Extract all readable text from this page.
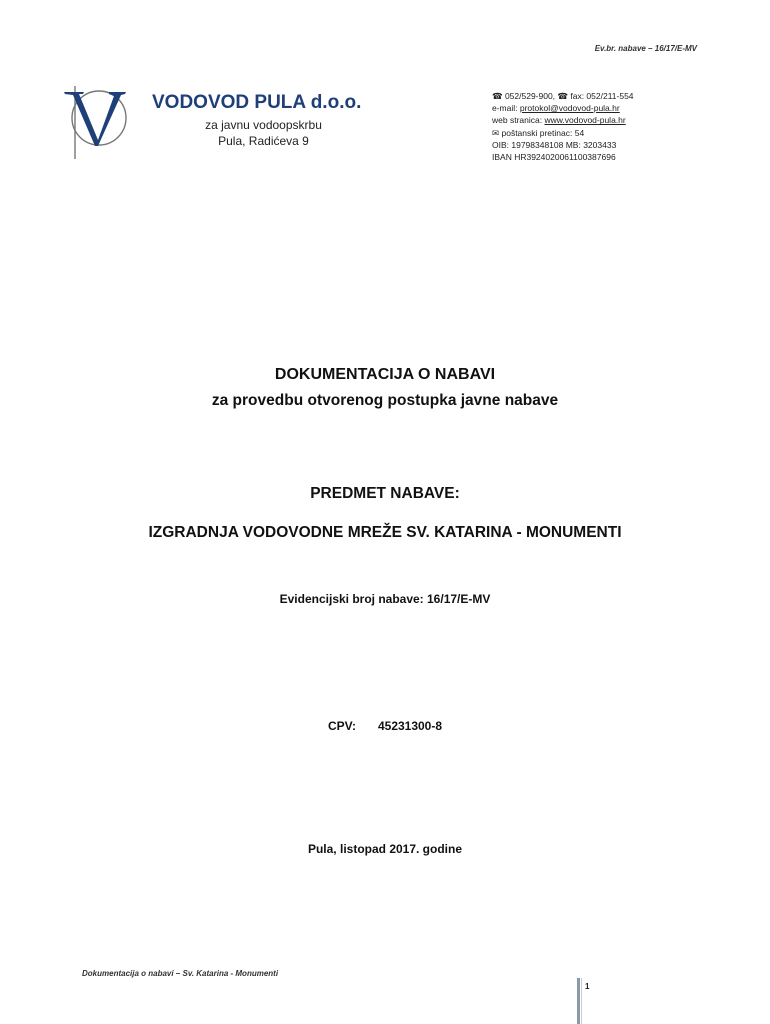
Ev.br. nabave – 16/17/E-MV
VODOVOD PULA d.o.o.
za javnu vodoopskrbu
Pula, Radićeva 9
☎ 052/529-900, ☎ fax: 052/211-554
e-mail: protokol@vodovod-pula.hr
web stranica: www.vodovod-pula.hr
✉ poštanski pretinac: 54
OIB: 19798348108 MB: 3203433
IBAN HR3924020061100387696
DOKUMENTACIJA O NABAVI
za provedbu otvorenog postupka javne nabave
PREDMET NABAVE:
IZGRADNJA VODOVODNE MREŽE SV. KATARINA - MONUMENTI
Evidencijski broj nabave: 16/17/E-MV
CPV: 45231300-8
Pula, listopad 2017. godine
Dokumentacija o nabavi – Sv. Katarina - Monumenti
1
